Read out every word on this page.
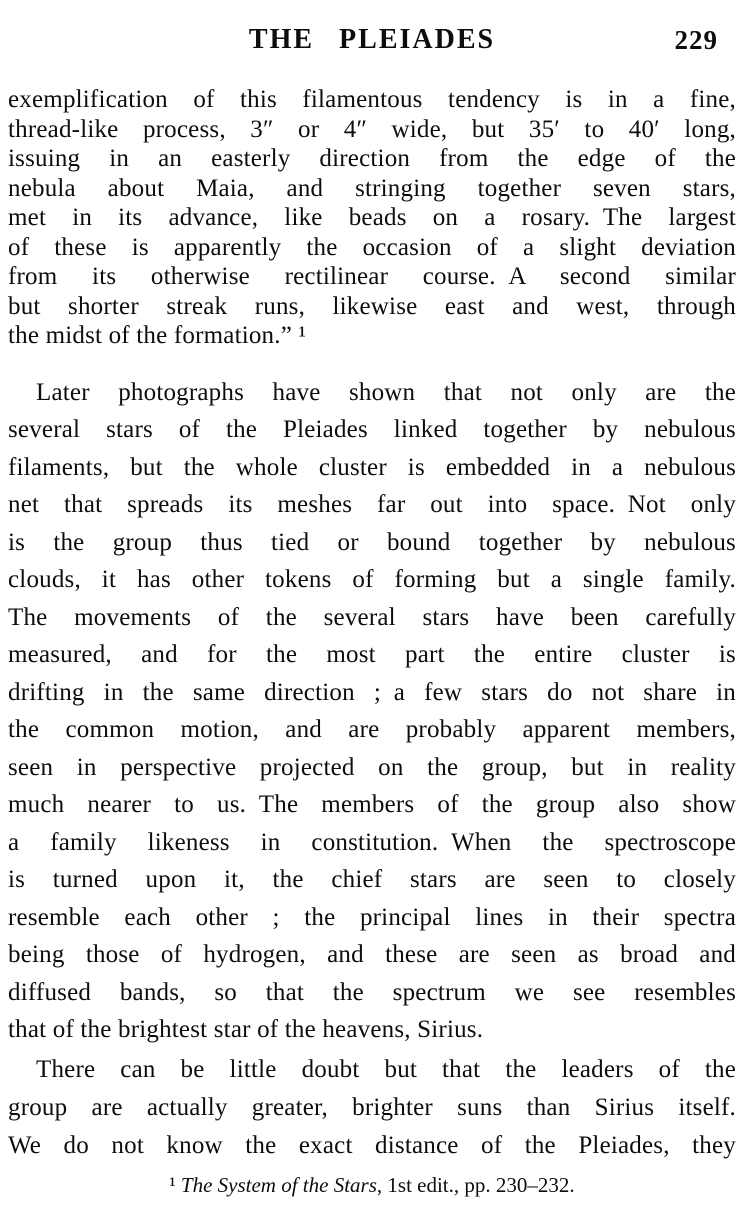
THE PLEIADES	229
exemplification of this filamentous tendency is in a fine,
thread-like process, 3″ or 4″ wide, but 35′ to 40′ long,
issuing in an easterly direction from the edge of the
nebula about Maia, and stringing together seven stars,
met in its advance, like beads on a rosary. The largest
of these is apparently the occasion of a slight deviation
from its otherwise rectilinear course. A second similar
but shorter streak runs, likewise east and west, through
the midst of the formation.” ¹
Later photographs have shown that not only are the
several stars of the Pleiades linked together by nebulous
filaments, but the whole cluster is embedded in a nebulous
net that spreads its meshes far out into space. Not only
is the group thus tied or bound together by nebulous
clouds, it has other tokens of forming but a single family.
The movements of the several stars have been carefully
measured, and for the most part the entire cluster is
drifting in the same direction ; a few stars do not share in
the common motion, and are probably apparent members,
seen in perspective projected on the group, but in reality
much nearer to us. The members of the group also show
a family likeness in constitution. When the spectroscope
is turned upon it, the chief stars are seen to closely
resemble each other ; the principal lines in their spectra
being those of hydrogen, and these are seen as broad and
diffused bands, so that the spectrum we see resembles
that of the brightest star of the heavens, Sirius.
There can be little doubt but that the leaders of the
group are actually greater, brighter suns than Sirius itself.
We do not know the exact distance of the Pleiades, they
¹ The System of the Stars, 1st edit., pp. 230–232.
